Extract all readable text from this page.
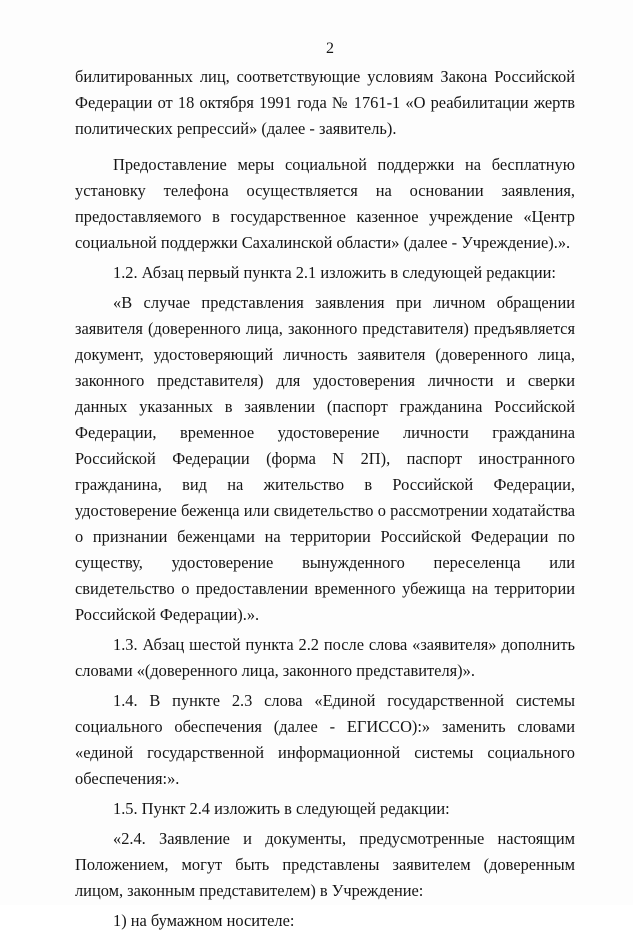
2

билитированных лиц, соответствующие условиям Закона Российской Федерации от 18 октября 1991 года № 1761-1 «О реабилитации жертв политических репрессий» (далее - заявитель).

Предоставление меры социальной поддержки на бесплатную установку телефона осуществляется на основании заявления, предоставляемого в государственное казенное учреждение «Центр социальной поддержки Сахалинской области» (далее - Учреждение).».

1.2. Абзац первый пункта 2.1 изложить в следующей редакции:

«В случае представления заявления при личном обращении заявителя (доверенного лица, законного представителя) предъявляется документ, удостоверяющий личность заявителя (доверенного лица, законного представителя) для удостоверения личности и сверки данных указанных в заявлении (паспорт гражданина Российской Федерации, временное удостоверение личности гражданина Российской Федерации (форма N 2П), паспорт иностранного гражданина, вид на жительство в Российской Федерации, удостоверение беженца или свидетельство о рассмотрении ходатайства о признании беженцами на территории Российской Федерации по существу, удостоверение вынужденного переселенца или свидетельство о предоставлении временного убежища на территории Российской Федерации).».

1.3. Абзац шестой пункта 2.2 после слова «заявителя» дополнить словами «(доверенного лица, законного представителя)».

1.4. В пункте 2.3 слова «Единой государственной системы социального обеспечения (далее - ЕГИССО):» заменить словами «единой государственной информационной системы социального обеспечения:».

1.5. Пункт 2.4 изложить в следующей редакции:

«2.4. Заявление и документы, предусмотренные настоящим Положением, могут быть представлены заявителем (доверенным лицом, законным представителем) в Учреждение:

1) на бумажном носителе:
